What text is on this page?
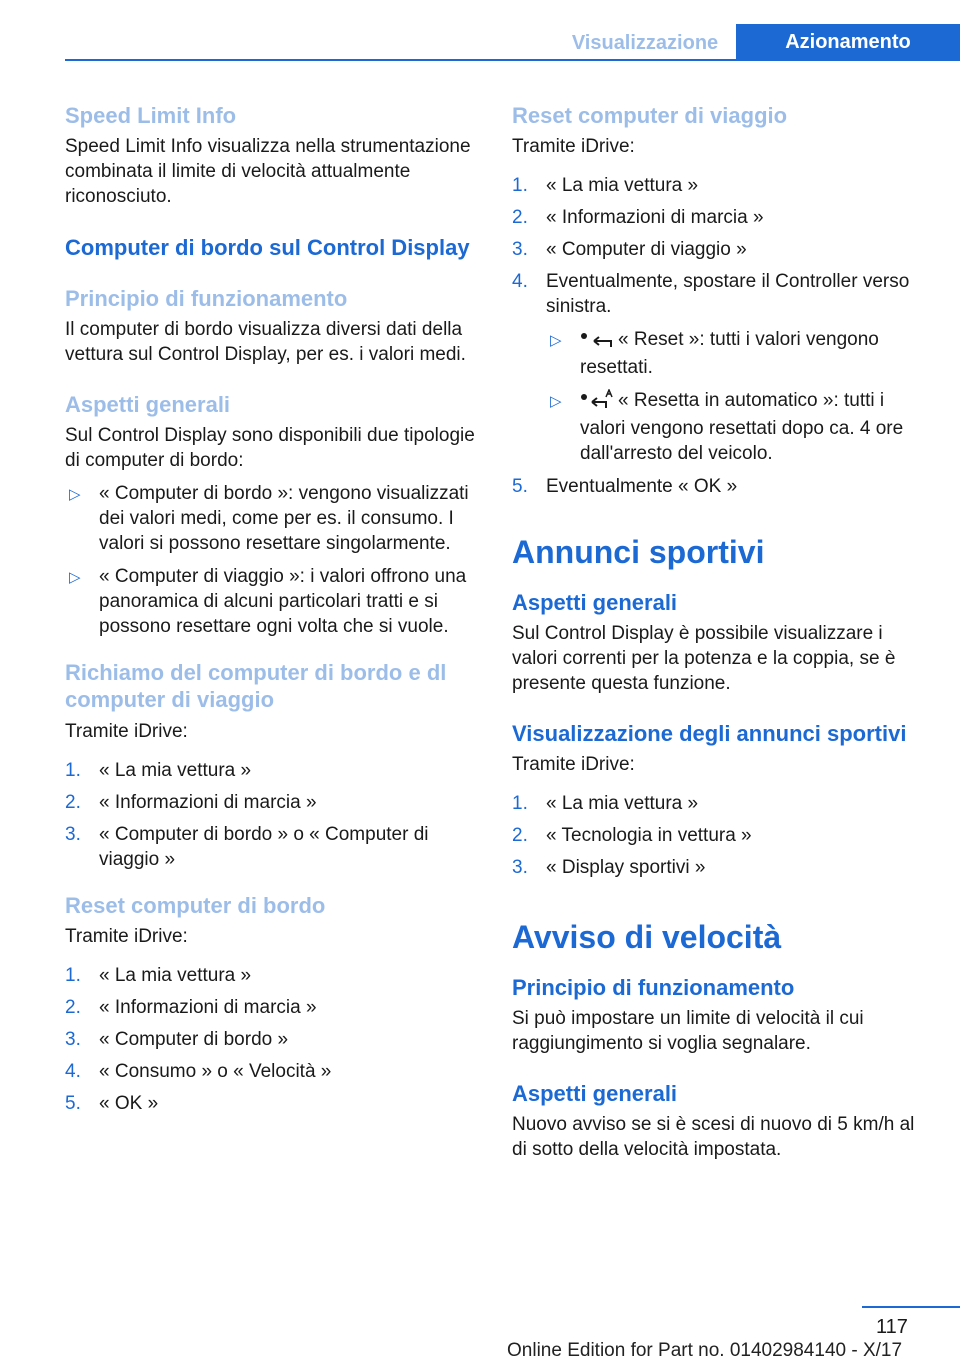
Visualizzazione	Azionamento
Speed Limit Info

Speed Limit Info visualizza nella strumentazione combinata il limite di velocità attualmente riconosciuto.

Computer di bordo sul Control Display
Principio di funzionamento

Il computer di bordo visualizza diversi dati della vettura sul Control Display, per es. i valori medi.

Aspetti generali

Sul Control Display sono disponibili due tipologie di computer di bordo:

▷ « Computer di bordo »: vengono visualizzati dei valori medi, come per es. il consumo. I valori si possono resettare singolarmente.
▷ « Computer di viaggio »: i valori offrono una panoramica di alcuni particolari tratti e si possono resettare ogni volta che si vuole.
Richiamo del computer di bordo e dl computer di viaggio

Tramite iDrive:

1. « La mia vettura »
2. « Informazioni di marcia »
3. « Computer di bordo » o « Computer di viaggio »
Reset computer di bordo

Tramite iDrive:

1. « La mia vettura »
2. « Informazioni di marcia »
3. « Computer di bordo »
4. « Consumo » o « Velocità »
5. « OK »
Reset computer di viaggio

Tramite iDrive:

1. « La mia vettura »
2. « Informazioni di marcia »
3. « Computer di viaggio »
4. Eventualmente, spostare il Controller verso sinistra.
▷	« Reset »: tutti i valori vengono resettati.
▷	« Resetta in automatico »: tutti i valori vengono resettati dopo ca. 4 ore dall'arresto del veicolo.
5. Eventualmente « OK »
Annunci sportivi
Aspetti generali

Sul Control Display è possibile visualizzare i valori correnti per la potenza e la coppia, se è presente questa funzione.

Visualizzazione degli annunci sportivi

Tramite iDrive:

1. « La mia vettura »
2. « Tecnologia in vettura »
3. « Display sportivi »
Avviso di velocità
Principio di funzionamento

Si può impostare un limite di velocità il cui raggiungimento si voglia segnalare.

Aspetti generali

Nuovo avviso se si è scesi di nuovo di 5 km/h al di sotto della velocità impostata.

117
Online Edition for Part no. 01402984140 - X/17
